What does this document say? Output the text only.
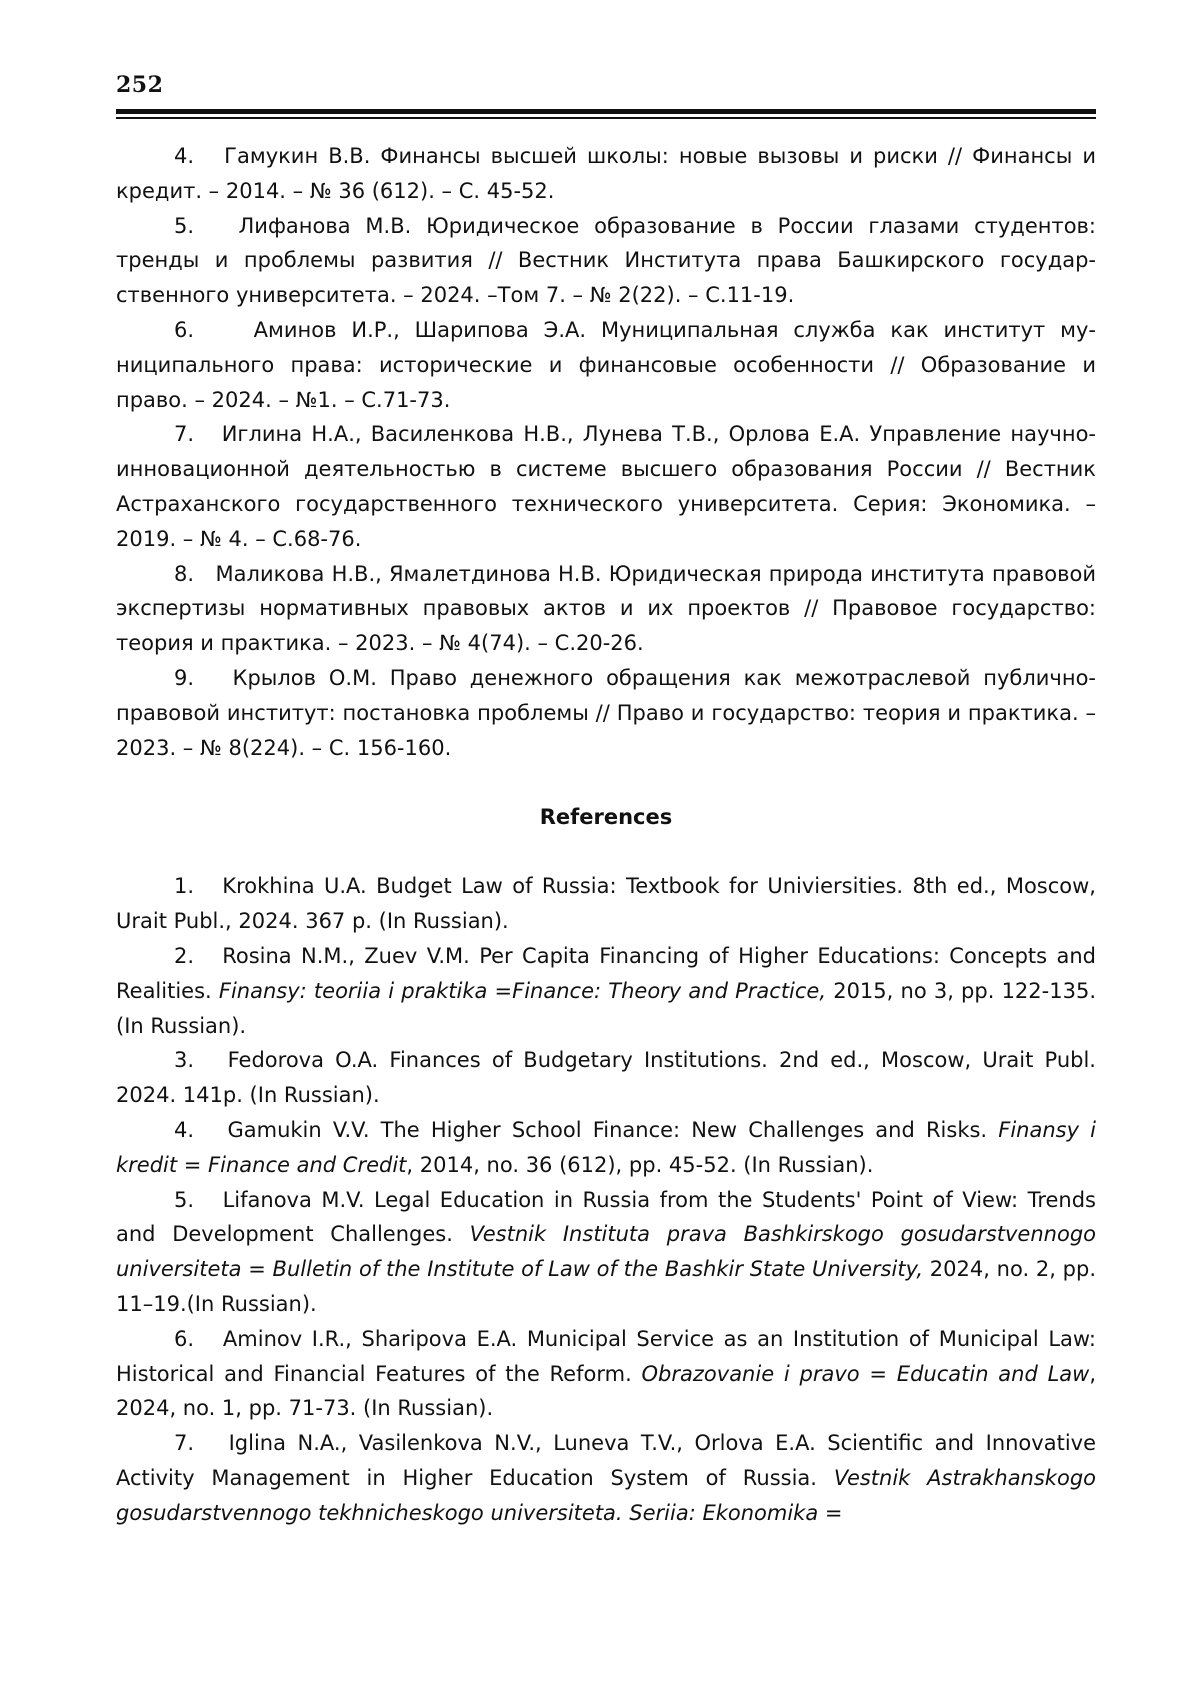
252

4.   Гамукин В.В. Финансы высшей школы: новые вызовы и риски // Финансы и кредит. – 2014. – № 36 (612). – С. 45-52.

5.   Лифанова М.В. Юридическое образование в России глазами студентов: тренды и проблемы развития // Вестник Института права Башкирского государственного университета. – 2024. –Том 7. – № 2(22). – С.11-19.

6.    Аминов И.Р., Шарипова Э.А. Муниципальная служба как институт муниципального права: исторические и финансовые особенности // Образование и право. – 2024. – №1. – С.71-73.

7.   Иглина Н.А., Василенкова Н.В., Лунева Т.В., Орлова Е.А. Управление научно-инновационной деятельностью в системе высшего образования России // Вестник Астраханского государственного технического университета. Серия: Экономика. – 2019. – № 4. – С.68-76.

8.   Маликова Н.В., Ямалетдинова Н.В. Юридическая природа института правовой экспертизы нормативных правовых актов и их проектов // Правовое государство: теория и практика. – 2023. – № 4(74). – С.20-26.

9.   Крылов О.М. Право денежного обращения как межотраслевой публично-правовой институт: постановка проблемы // Право и государство: теория и практика. – 2023. – № 8(224). – С. 156-160.

References

1.   Krokhina U.A. Budget Law of Russia: Textbook for Univiersities. 8th ed., Moscow, Urait Publ., 2024. 367 p. (In Russian).

2.   Rosina N.M., Zuev V.M. Per Capita Financing of Higher Educations: Concepts and Realities. Finansy: teoriia i praktika =Finance: Theory and Practice, 2015, no 3, pp. 122-135. (In Russian).

3.   Fedorova O.A. Finances of Budgetary Institutions. 2nd ed., Moscow, Urait Publ. 2024. 141p. (In Russian).

4.   Gamukin V.V. The Higher School Finance: New Challenges and Risks. Finansy i kredit = Finance and Credit, 2014, no. 36 (612), pp. 45-52. (In Russian).

5.   Lifanova M.V. Legal Education in Russia from the Students' Point of View: Trends and Development Challenges. Vestnik Instituta prava Bashkirskogo gosudarstvennogo universiteta = Bulletin of the Institute of Law of the Bashkir State University, 2024, no. 2, pp. 11–19.(In Russian).

6.   Aminov I.R., Sharipova E.A. Municipal Service as an Institution of Municipal Law: Historical and Financial Features of the Reform. Obrazovanie i pravo = Educatin and Law, 2024, no. 1, pp. 71-73. (In Russian).

7.   Iglina N.A., Vasilenkova N.V., Luneva T.V., Orlova E.A. Scientific and Innovative Activity Management in Higher Education System of Russia. Vestnik Astrakhanskogo gosudarstvennogo tekhnicheskogo universiteta. Seriia: Ekonomika =
